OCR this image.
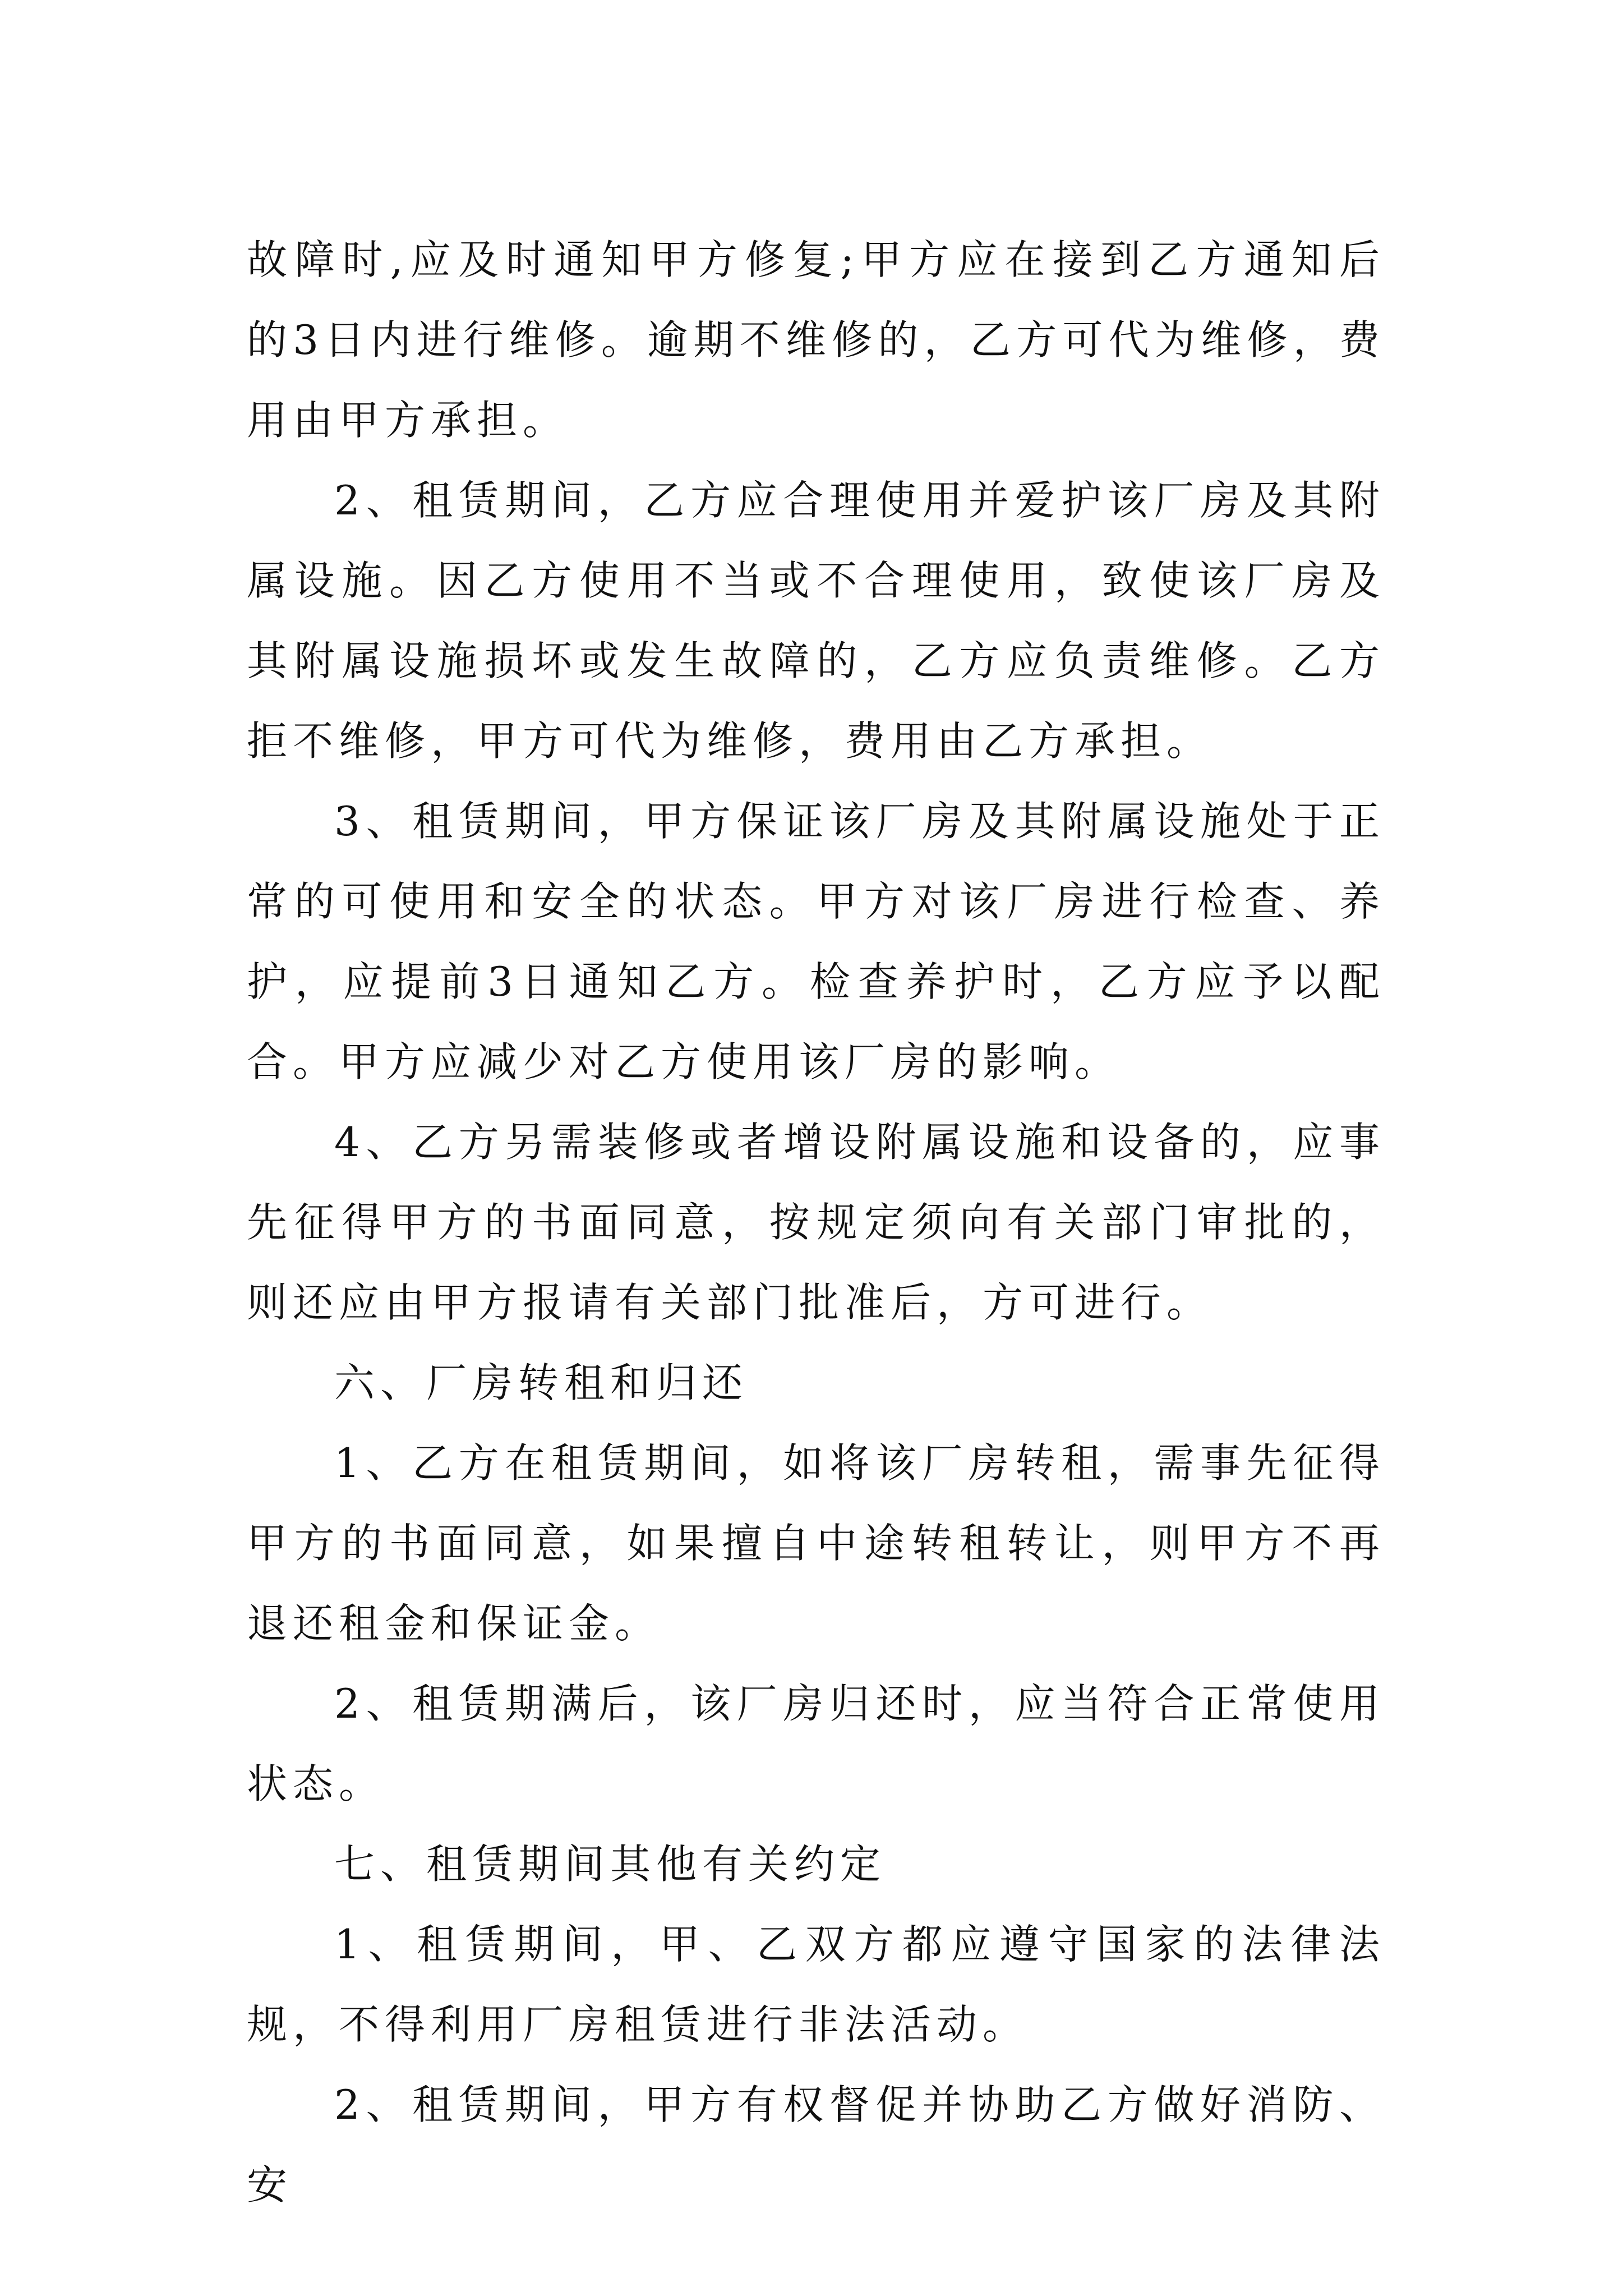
故障时,应及时通知甲方修复;甲方应在接到乙方通知后的3日内进行维修。逾期不维修的，乙方可代为维修，费用由甲方承担。

2、租赁期间，乙方应合理使用并爱护该厂房及其附属设施。因乙方使用不当或不合理使用，致使该厂房及其附属设施损坏或发生故障的，乙方应负责维修。乙方拒不维修，甲方可代为维修，费用由乙方承担。

3、租赁期间，甲方保证该厂房及其附属设施处于正常的可使用和安全的状态。甲方对该厂房进行检查、养护，应提前3日通知乙方。检查养护时，乙方应予以配合。甲方应减少对乙方使用该厂房的影响。

4、乙方另需装修或者增设附属设施和设备的，应事先征得甲方的书面同意，按规定须向有关部门审批的，则还应由甲方报请有关部门批准后，方可进行。

六、厂房转租和归还

1、乙方在租赁期间，如将该厂房转租，需事先征得甲方的书面同意，如果擅自中途转租转让，则甲方不再退还租金和保证金。

2、租赁期满后，该厂房归还时，应当符合正常使用状态。

七、租赁期间其他有关约定

1、租赁期间，甲、乙双方都应遵守国家的法律法规，不得利用厂房租赁进行非法活动。

2、租赁期间，甲方有权督促并协助乙方做好消防、安
